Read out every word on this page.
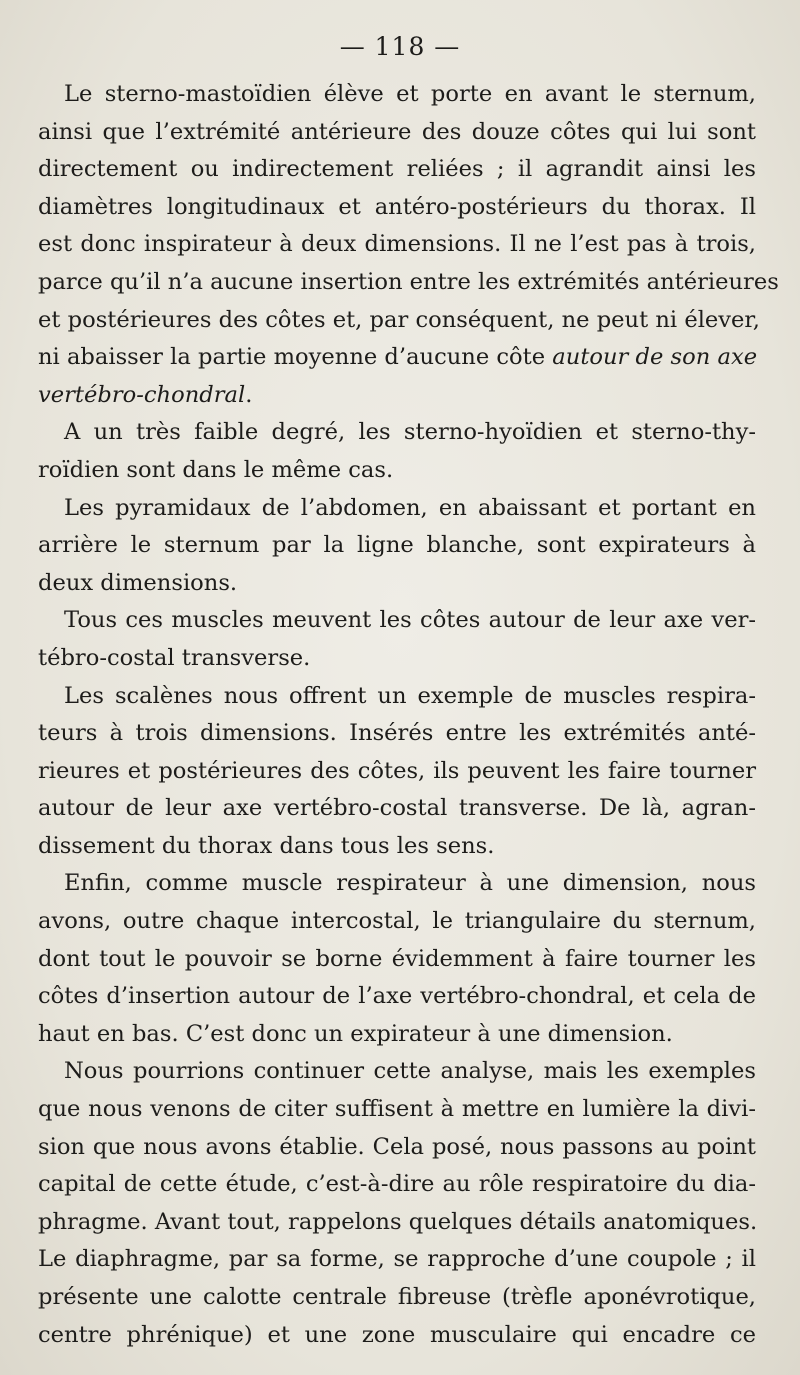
— 118 —
Le sterno-mastoïdien élève et porte en avant le sternum,
ainsi que l’extrémité antérieure des douze côtes qui lui sont
directement ou indirectement reliées ; il agrandit ainsi les
diamètres longitudinaux et antéro-postérieurs du thorax. Il
est donc inspirateur à deux dimensions. Il ne l’est pas à trois,
parce qu’il n’a aucune insertion entre les extrémités antérieures
et postérieures des côtes et, par conséquent, ne peut ni élever,
ni abaisser la partie moyenne d’aucune côte autour de son axe
vertébro-chondral.
A un très faible degré, les sterno-hyoïdien et sterno-thy-
roïdien sont dans le même cas.
Les pyramidaux de l’abdomen, en abaissant et portant en
arrière le sternum par la ligne blanche, sont expirateurs à
deux dimensions.
Tous ces muscles meuvent les côtes autour de leur axe ver-
tébro-costal transverse.
Les scalènes nous offrent un exemple de muscles respira-
teurs à trois dimensions. Insérés entre les extrémités anté-
rieures et postérieures des côtes, ils peuvent les faire tourner
autour de leur axe vertébro-costal transverse. De là, agran-
dissement du thorax dans tous les sens.
Enfin, comme muscle respirateur à une dimension, nous
avons, outre chaque intercostal, le triangulaire du sternum,
dont tout le pouvoir se borne évidemment à faire tourner les
côtes d’insertion autour de l’axe vertébro-chondral, et cela de
haut en bas. C’est donc un expirateur à une dimension.
Nous pourrions continuer cette analyse, mais les exemples
que nous venons de citer suffisent à mettre en lumière la divi-
sion que nous avons établie. Cela posé, nous passons au point
capital de cette étude, c’est-à-dire au rôle respiratoire du dia-
phragme. Avant tout, rappelons quelques détails anatomiques.
Le diaphragme, par sa forme, se rapproche d’une coupole ; il
présente une calotte centrale fibreuse (trèfle aponévrotique,
centre phrénique) et une zone musculaire qui encadre ce
